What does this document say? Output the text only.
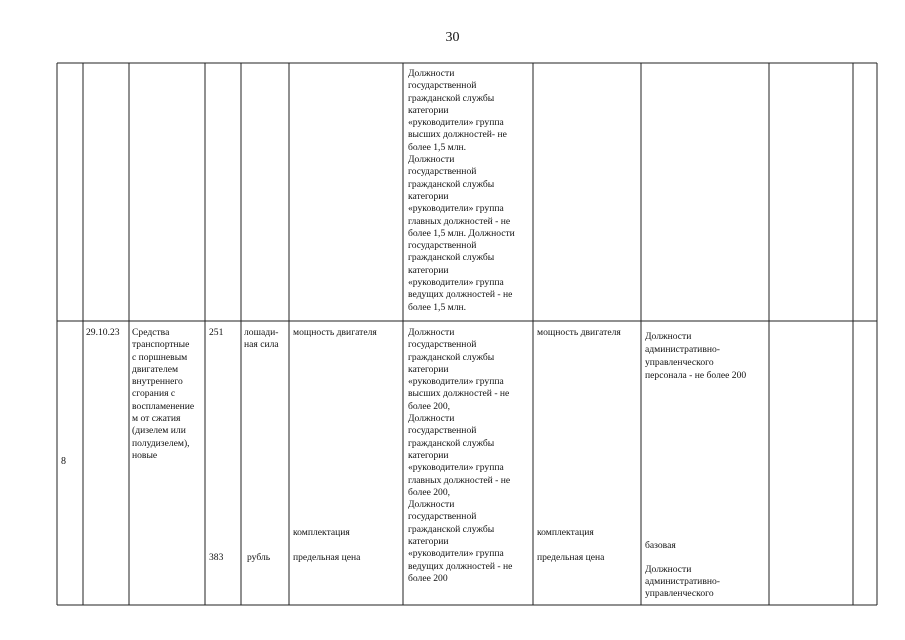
30
Должности
государственной
гражданской службы
категории
«руководители» группа
высших должностей- не
более 1,5 млн.
Должности
государственной
гражданской службы
категории
«руководители» группа
главных должностей - не
более 1,5 млн. Должности
государственной
гражданской службы
категории
«руководители» группа
ведущих должностей - не
более 1,5 млн.
8
29.10.23 Средства
транспортные
с поршневым
двигателем
внутреннего
сгорания с
воспламенение
м от сжатия
(дизелем или
полудизелем),
новые
251
383
лошади-
ная сила
рубль
мощность двигателя
комплектация
предельная цена
Должности
государственной
гражданской службы
категории
«руководители» группа
высших должностей - не
более 200,
Должности
государственной
гражданской службы
категории
«руководители» группа
главных должностей - не
более 200,
Должности
государственной
гражданской службы
категории
«руководители» группа
ведущих должностей - не
более 200
мощность двигателя
комплектация
предельная цена
Должности
административно-
управленческого
персонала - не более 200
базовая
Должности
административно-
управленческого
